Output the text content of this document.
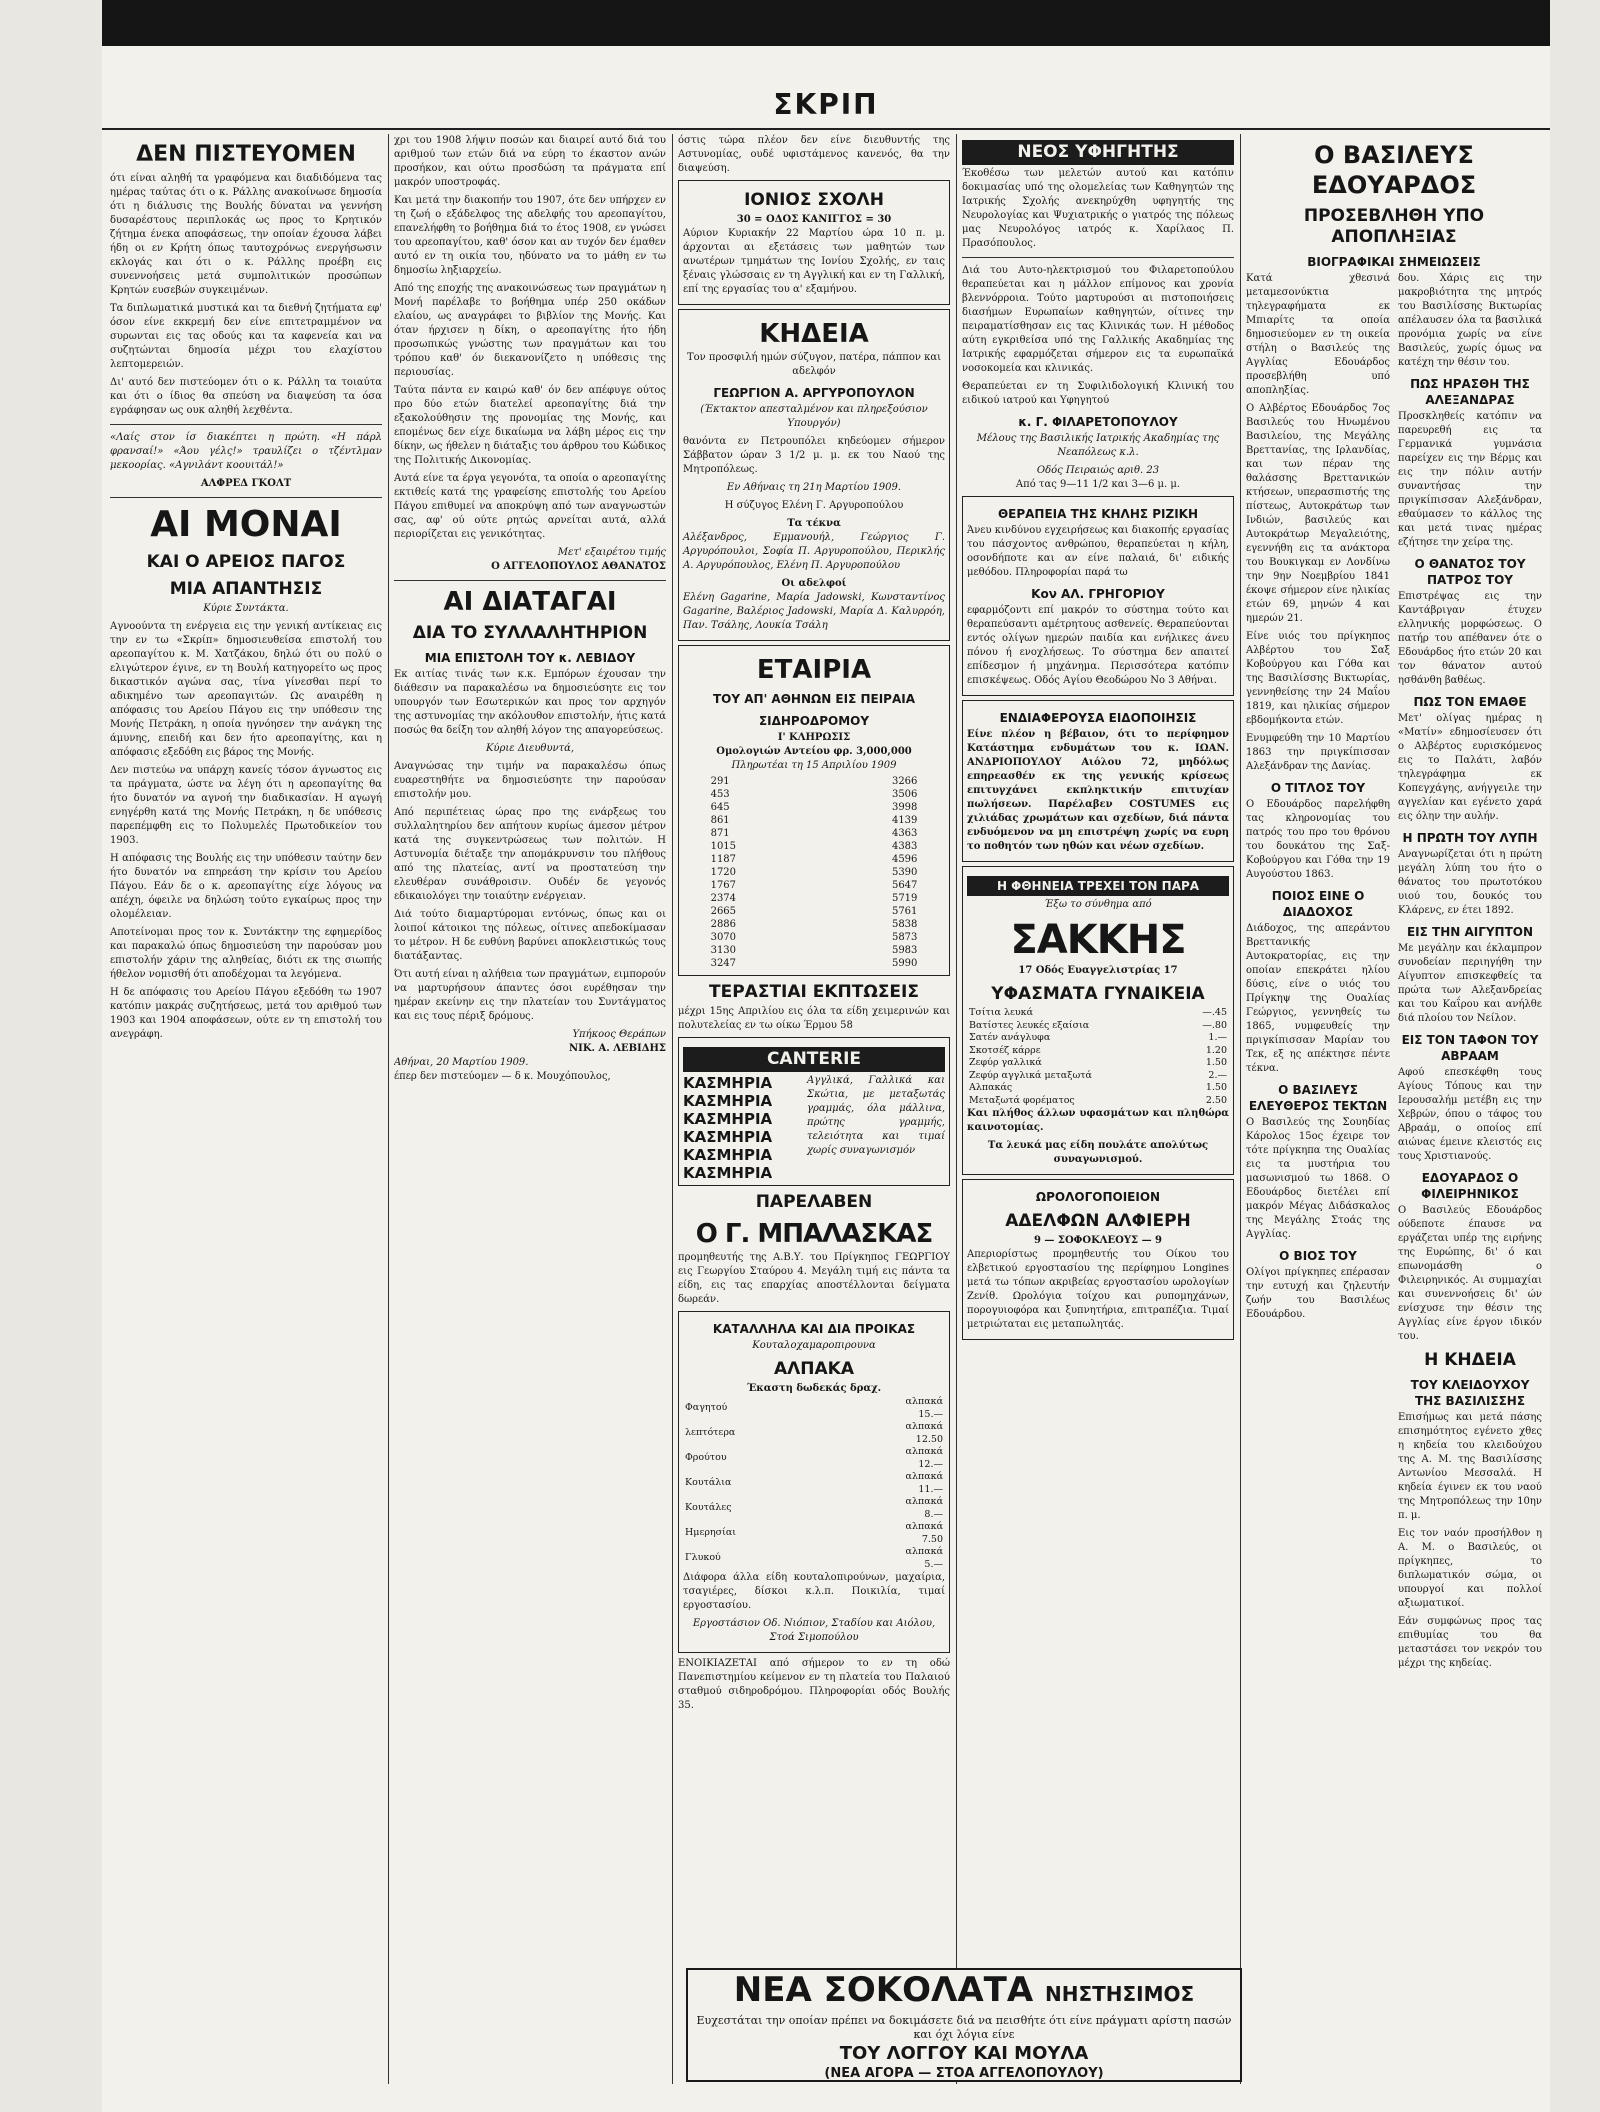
ΣΚΡΙΠ
ΔΕΝ ΠΙΣΤΕΥΟΜΕΝ

ότι είναι αληθή τα γραφόμενα και διαδιδόμενα τας ημέρας ταύτας ότι ο κ. Ράλλης ανακοίνωσε δημοσία ότι η διάλυσις της Βουλής δύναται να γεννήση δυσαρέστους περιπλοκάς ως προς το Κρητικόν ζήτημα ένεκα αποφάσεως, την οποίαν έχουσα λάβει ήδη οι εν Κρήτη όπως ταυτοχρόνως ενεργήσωσιν εκλογάς και ότι ο κ. Ράλλης προέβη εις συνεννοήσεις μετά συμπολιτικών προσώπων Κρητών ευσεβών συγκειμένων.

Τα διπλωματικά μυστικά και τα διεθνή ζητήματα εφ' όσον είνε εκκρεμή δεν είνε επιτετραμμένον να συρωνται εις τας οδούς και τα καφενεία και να συζητώνται δημοσία μέχρι του ελαχίστου λεπτομερειών.

Δι' αυτό δεν πιστεύομεν ότι ο κ. Ράλλη τα τοιαύτα και ότι ο ίδιος θα σπεύση να διαψεύση τα όσα εγράφησαν ως ουκ αληθή λεχθέντα.

«Λαίς στον ίσ διακέπτει η πρώτη. «Η πάρλ φρανσαί!» «Άου γέλς!» τραυλίζει ο τζέντλμαν μεκοορίας. «Αγνιλάντ κοουιτάλ!»

ΑΛΦΡΕΔ ΓΚΟΛΤ
ΑΙ ΜΟΝΑΙ
ΚΑΙ Ο ΑΡΕΙΟΣ ΠΑΓΟΣ
ΜΙΑ ΑΠΑΝΤΗΣΙΣ

Κύριε Συντάκτα.

Αγνοούντα τη ενέργεια εις την γενική αντίκειας εις την εν τω «Σκρίπ» δημοσιευθείσα επιστολή του αρεοπαγίτου κ. Μ. Χατζάκου, δηλώ ότι ου πολύ ο ελιγώτερον έγινε, εν τη Βουλή κατηγορείτο ως προς δικαστικόν αγώνα σας, τίνα γίνεσθαι περί το αδικημένο των αρεοπαγιτών. Ως αναιρέθη η απόφασις του Αρείου Πάγου εις την υπόθεσιν της Μονής Πετράκη, η οποία ηγνόησεν την ανάγκη της άμυνης, επειδή και δεν ήτο αρεοπαγίτης, και η απόφασις εξεδόθη εις βάρος της Μονής.

Δεν πιστεύω να υπάρχη κανείς τόσον άγνωστος εις τα πράγματα, ώστε να λέγη ότι η αρεοπαγίτης θα ήτο δυνατόν να αγνοή την διαδικασίαν. Η αγωγή ενηγέρθη κατά της Μονής Πετράκη, η δε υπόθεσις παρεπέμφθη εις το Πολυμελές Πρωτοδικείον του 1903.

Η απόφασις της Βουλής εις την υπόθεσιν ταύτην δεν ήτο δυνατόν να επηρεάση την κρίσιν του Αρείου Πάγου. Εάν δε ο κ. αρεοπαγίτης είχε λόγους να απέχη, όφειλε να δηλώση τούτο εγκαίρως προς την ολομέλειαν.

Αποτείνομαι προς τον κ. Συντάκτην της εφημερίδος και παρακαλώ όπως δημοσιεύση την παρούσαν μου επιστολήν χάριν της αληθείας, διότι εκ της σιωπής ήθελον νομισθή ότι αποδέχομαι τα λεγόμενα.

Η δε απόφασις του Αρείου Πάγου εξεδόθη τω 1907 κατόπιν μακράς συζητήσεως, μετά του αριθμού των 1903 και 1904 αποφάσεων, ούτε εν τη επιστολή του ανεγράφη.

χρι του 1908 λήψιν ποσών και διαιρεί αυτό διά του αριθμού των ετών διά να εύρη το έκαστον ανών προσήκον, και ούτω προσδώση τα πράγματα επί μακρόν υποστροφάς.

Και μετά την διακοπήν του 1907, ότε δεν υπήρχεν εν τη ζωή ο εξάδελφος της αδελφής του αρεοπαγίτου, επανελήφθη το βοήθημα διά το έτος 1908, εν γνώσει του αρεοπαγίτου, καθ' όσον και αν τυχόν δεν έμαθεν αυτό εν τη οικία του, ηδύνατο να το μάθη εν τω δημοσίω ληξιαρχείω.

Από της εποχής της ανακοινώσεως των πραγμάτων η Μονή παρέλαβε το βοήθημα υπέρ 250 οκάδων ελαίου, ως αναγράφει το βιβλίον της Μονής. Και όταν ήρχισεν η δίκη, ο αρεοπαγίτης ήτο ήδη προσωπικώς γνώστης των πραγμάτων και του τρόπου καθ' όν διεκανονίζετο η υπόθεσις της περιουσίας.

Ταύτα πάντα εν καιρώ καθ' όν δεν απέφυγε ούτος προ δύο ετών διατελεί αρεοπαγίτης διά την εξακολούθησιν της προνομίας της Μονής, και επομένως δεν είχε δικαίωμα να λάβη μέρος εις την δίκην, ως ήθελεν η διάταξις του άρθρου του Κώδικος της Πολιτικής Δικονομίας.

Αυτά είνε τα έργα γεγονότα, τα οποία ο αρεοπαγίτης εκτιθείς κατά της γραφείσης επιστολής του Αρείου Πάγου επιθυμεί να αποκρύψη από των αναγνωστών σας, αφ' ού ούτε ρητώς αρνείται αυτά, αλλά περιορίζεται εις γενικότητας.

Μετ' εξαιρέτου τιμής
Ο ΑΓΓΕΛΟΠΟΥΛΟΣ ΑΘΑΝΑΤΟΣ
ΑΙ ΔΙΑΤΑΓΑΙ
ΔΙΑ ΤΟ ΣΥΛΛΑΛΗΤΗΡΙΟΝ
ΜΙΑ ΕΠΙΣΤΟΛΗ ΤΟΥ κ. ΛΕΒΙΔΟΥ

Εκ αιτίας τινάς των κ.κ. Εμπόρων έχουσαν την διάθεσιν να παρακαλέσω να δημοσιεύσητε εις τον υπουργόν των Εσωτερικών και προς τον αρχηγόν της αστυνομίας την ακόλουθον επιστολήν, ήτις κατά ποσώς θα δείξη τον αληθή λόγον της απαγορεύσεως.

Κύριε Διευθυντά,

Αναγνώσας την τιμήν να παρακαλέσω όπως ευαρεστηθήτε να δημοσιεύσητε την παρούσαν επιστολήν μου.

Από περιπέτειας ώρας προ της ενάρξεως του συλλαλητηρίου δεν απήτουν κυρίως άμεσον μέτρον κατά της συγκεντρώσεως των πολιτών. Η Αστυνομία διέταξε την απομάκρυνσιν του πλήθους από της πλατείας, αντί να προστατεύση την ελευθέραν συνάθροισιν. Ουδέν δε γεγονός εδικαιολόγει την τοιαύτην ενέργειαν.

Διά τούτο διαμαρτύρομαι εντόνως, όπως και οι λοιποί κάτοικοι της πόλεως, οίτινες απεδοκίμασαν το μέτρον. Η δε ευθύνη βαρύνει αποκλειστικώς τους διατάξαντας.

Ότι αυτή είναι η αλήθεια των πραγμάτων, ειμπορούν να μαρτυρήσουν άπαντες όσοι ευρέθησαν την ημέραν εκείνην εις την πλατείαν του Συντάγματος και εις τους πέριξ δρόμους.

Υπήκοος Θεράπων
NIK. A. ΛΕΒΙΔΗΣ
Αθήναι, 20 Μαρτίου 1909.

έπερ δεν πιστεύομεν — δ κ. Μουχόπουλος,

όστις τώρα πλέον δεν είνε διευθυντής της Αστυνομίας, ουδέ υφιστάμενος κανενός, θα την διαψεύση.

ΙΟΝΙΟΣ ΣΧΟΛΗ
30 = ΟΔΟΣ ΚΑΝΙΓΓΟΣ = 30

Αύριον Κυριακήν 22 Μαρτίου ώρα 10 π. μ. άρχονται αι εξετάσεις των μαθητών των ανωτέρων τμημάτων της Ιονίου Σχολής, εν ταις ξέναις γλώσσαις εν τη Αγγλική και εν τη Γαλλική, επί της εργασίας του α' εξαμήνου.

ΚΗΔΕΙΑ

Τον προσφιλή ημών σύζυγον, πατέρα, πάππον και αδελφόν

ΓΕΩΡΓΙΟΝ Α. ΑΡΓΥΡΟΠΟΥΛΟΝ

(Έκτακτον απεσταλμένον και πληρεξούσιον Υπουργόν)

θανόντα εν Πετρουπόλει κηδεύομεν σήμερον Σάββατον ώραν 3 1/2 μ. μ. εκ του Ναού της Μητροπόλεως.

Εν Αθήναις τη 21η Μαρτίου 1909.

Η σύζυγος Ελένη Γ. Αργυροπούλου

Τα τέκνα

Αλέξανδρος, Εμμανουήλ, Γεώργιος Γ. Αργυρόπουλοι, Σοφία Π. Αργυροπούλου, Περικλής Α. Αργυρόπουλος, Ελένη Π. Αργυροπούλου

Οι αδελφοί

Ελένη Gagarine, Μαρία Jadowski, Κωνσταντίνος Gagarine, Βαλέριος Jadowski, Μαρία Δ. Καλυρρόη, Παν. Τσάλης, Λουκία Τσάλη

ΕΤΑΙΡΙΑ
ΤΟΥ ΑΠ' ΑΘΗΝΩΝ ΕΙΣ ΠΕΙΡΑΙΑ
ΣΙΔΗΡΟΔΡΟΜΟΥ
Ι' ΚΛΗΡΩΣΙΣ
Ομολογιών Αντείου φρ. 3,000,000
Πληρωτέαι τη 15 Απριλίου 1909
291	3266
453	3506
645	3998
861	4139
871	4363
1015	4383
1187	4596
1720	5390
1767	5647
2374	5719
2665	5761
2886	5838
3070	5873
3130	5983
3247	5990
ΤΕΡΑΣΤΙΑΙ ΕΚΠΤΩΣΕΙΣ

μέχρι 15ης Απριλίου εις όλα τα είδη χειμερινών και πολυτελείας εν τω οίκω Έρμου 58

CANTERIE
ΚΑΣΜΗΡΙΑ
ΚΑΣΜΗΡΙΑ
ΚΑΣΜΗΡΙΑ
ΚΑΣΜΗΡΙΑ
ΚΑΣΜΗΡΙΑ
ΚΑΣΜΗΡΙΑ
Αγγλικά, Γαλλικά και Σκώτια, με μεταξωτάς γραμμάς, όλα μάλλινα, πρώτης γραμμής, τελειότητα και τιμαί χωρίς συναγωνισμόν
ΠΑΡΕΛΑΒΕΝ
Ο Γ. ΜΠΑΛΑΣΚΑΣ

προμηθευτής της Α.Β.Υ. του Πρίγκηπος ΓΕΩΡΓΙΟΥ εις Γεωργίου Σταύρου 4. Μεγάλη τιμή εις πάντα τα είδη, εις τας επαρχίας αποστέλλονται δείγματα δωρεάν.

ΚΑΤΑΛΛΗΛΑ ΚΑΙ ΔΙΑ ΠΡΟΙΚΑΣ
Κουταλοχαμαροπιρουνα
ΑΛΠΑΚΑ
Έκαστη δωδεκάς δραχ.
Φαγητού	αλπακά 15.—
λεπτότερα	αλπακά 12.50
Φρούτου	αλπακά 12.—
Κουτάλια	αλπακά 11.—
Κουτάλες	αλπακά 8.—
Ημερησίαι	αλπακά 7.50
Γλυκού	αλπακά 5.—

Διάφορα άλλα είδη κουταλοπιρούνων, μαχαίρια, τσαγιέρες, δίσκοι κ.λ.π. Ποικιλία, τιμαί εργοστασίου.

Εργοστάσιον Οδ. Νιόπιον, Σταδίου και Αιόλου, Στοά Σιμοπούλου

ΕΝΟΙΚΙΑΖΕΤΑΙ από σήμερον το εν τη οδώ Πανεπιστημίου κείμενον εν τη πλατεία του Παλαιού σταθμού σιδηροδρόμου. Πληροφορίαι οδός Βουλής 35.

ΝΕΟΣ ΥΦΗΓΗΤΗΣ

Έκοθέσω των μελετών αυτού και κατόπιν δοκιμασίας υπό της ολομελείας των Καθηγητών της Ιατρικής Σχολής ανεκηρύχθη υφηγητής της Νευρολογίας και Ψυχιατρικής ο γιατρός της πόλεως μας Νευρολόγος ιατρός κ. Χαρίλαος Π. Πρασόπουλος.

Διά του Αυτο-ηλεκτρισμού του Φιλαρετοπούλου θεραπεύεται και η μάλλον επίμονος και χρονία βλεννόρροια. Τούτο μαρτυρούσι αι πιστοποιήσεις διασήμων Ευρωπαίων καθηγητών, οίτινες την πειραματίσθησαν εις τας Κλινικάς των. Η μέθοδος αύτη εγκριθείσα υπό της Γαλλικής Ακαδημίας της Ιατρικής εφαρμόζεται σήμερον εις τα ευρωπαϊκά νοσοκομεία και κλινικάς.

Θεραπεύεται εν τη Συφιλιδολογική Κλινική του ειδικού ιατρού και Υφηγητού

κ. Γ. ΦΙΛΑΡΕΤΟΠΟΥΛΟΥ

Μέλους της Βασιλικής Ιατρικής Ακαδημίας της Νεαπόλεως κ.λ.

Οδός Πειραιώς αριθ. 23
Από τας 9—11 1/2 και 3—6 μ. μ.
ΘΕΡΑΠΕΙΑ ΤΗΣ ΚΗΛΗΣ ΡΙΖΙΚΗ

Άνευ κινδύνου εγχειρήσεως και διακοπής εργασίας του πάσχοντος ανθρώπου, θεραπεύεται η κήλη, οσονδήποτε και αν είνε παλαιά, δι' ειδικής μεθόδου. Πληροφορίαι παρά τω

Κον ΑΛ. ΓΡΗΓΟΡΙΟΥ

εφαρμόζοντι επί μακρόν το σύστημα τούτο και θεραπεύσαντι αμέτρητους ασθενείς. Θεραπεύονται εντός ολίγων ημερών παιδία και ενήλικες άνευ πόνου ή ενοχλήσεως. Το σύστημα δεν απαιτεί επίδεσμον ή μηχάνημα. Περισσότερα κατόπιν επισκέψεως. Οδός Αγίου Θεοδώρου Νο 3 Αθήναι.

ΕΝΔΙΑΦΕΡΟΥΣΑ ΕΙΔΟΠΟΙΗΣΙΣ

Είνε πλέον η βέβαιον, ότι το περίφημον Κατάστημα ενδυμάτων του κ. ΙΩΑΝ. ΑΝΔΡΙΟΠΟΥΛΟΥ Αιόλου 72, μηδόλως επηρεασθέν εκ της γενικής κρίσεως επιτυγχάνει εκπληκτικήν επιτυχίαν πωλήσεων. Παρέλαβεν COSTUMES εις χιλιάδας χρωμάτων και σχεδίων, διά πάντα ενδυόμενον να μη επιστρέψη χωρίς να ευρη το ποθητόν των ηθών και νέων σχεδίων.

Η ΦΘΗΝΕΙΑ ΤΡΕΧΕΙ ΤΟΝ ΠΑΡΑ
Έξω το σύνθημα από
ΣΑΚΚΗΣ
17 Οδός Ευαγγελιστρίας 17
ΥΦΑΣΜΑΤΑ ΓΥΝΑΙΚΕΙΑ
Τσίτια λευκά	—.45
Βατίστες λευκές εξαίσια	—.80
Σατέν ανάγλυφα	1.—
Σκοτσέζ κάρρε	1.20
Ζεφύρ γαλλικά	1.50
Ζεφύρ αγγλικά μεταξωτά	2.—
Αλπακάς	1.50
Μεταξωτά φορέματος	2.50

Και πλήθος άλλων υφασμάτων και πληθώρα καινοτομίας.

Τα λευκά μας είδη πουλάτε απολύτως συναγωνισμού.

ΩΡΟΛΟΓΟΠΟΙΕΙΟΝ
ΑΔΕΛΦΩΝ ΑΛΦΙΕΡΗ
9 — ΣΟΦΟΚΛΕΟΥΣ — 9

Απεριορίστως προμηθευτής του Οίκου του ελβετικού εργοστασίου της περίφημου Longines μετά τω τόπων ακριβείας εργοστασίου ωρολογίων Ζενίθ. Ωρολόγια τοίχου και ρυπομηχάνων, πορογυιοφόρα και ξυπνητήρια, επιτραπέζια. Τιμαί μετριώταται εις μεταπωλητάς.

Ο ΒΑΣΙΛΕΥΣ ΕΔΟΥΑΡΔΟΣ
ΠΡΟΣΕΒΛΗΘΗ ΥΠΟ ΑΠΟΠΛΗΞΙΑΣ
ΒΙΟΓΡΑΦΙΚΑΙ ΣΗΜΕΙΩΣΕΙΣ

Κατά χθεσινά μεταμεσονύκτια τηλεγραφήματα εκ Μπιαρίτς τα οποία δημοσιεύομεν εν τη οικεία στήλη ο Βασιλεύς της Αγγλίας Εδουάρδος προσεβλήθη υπό αποπληξίας.

Ο Αλβέρτος Εδουάρδος 7ος Βασιλεύς του Ηνωμένου Βασιλείου, της Μεγάλης Βρεττανίας, της Ιρλανδίας, και των πέραν της θαλάσσης Βρεττανικών κτήσεων, υπερασπιστής της πίστεως, Αυτοκράτωρ των Ινδιών, βασιλεύς και Αυτοκράτωρ Μεγαλειότης, εγεννήθη εις τα ανάκτορα του Βουκιγκαμ εν Λονδίνω την 9ην Νοεμβρίου 1841 έκοψε σήμερον είνε ηλικίας ετών 69, μηνών 4 και ημερών 21.

Είνε υιός του πρίγκηπος Αλβέρτου του Σαξ Κοβούργου και Γόθα και της Βασιλίσσης Βικτωρίας, γεννηθείσης την 24 Μαΐου 1819, και ηλικίας σήμερον εβδομήκοντα ετών.

Ενυμφεύθη την 10 Μαρτίου 1863 την πριγκίπισσαν Αλεξάνδραν της Δανίας.

Ο ΤΙΤΛΟΣ ΤΟΥ

Ο Εδουάρδος παρελήφθη τας κληρονομίας του πατρός του προ του θρόνου του δουκάτου της Σαξ-Κοβούργου και Γόθα την 19 Αυγούστου 1863.

ΠΟΙΟΣ ΕΙΝΕ Ο ΔΙΑΔΟΧΟΣ

Διάδοχος, της απεράντου Βρεττανικής Αυτοκρατορίας, εις την οποίαν επεκράτει ηλίου δύσις, είνε ο υιός του Πρίγκηψ της Ουαλίας Γεώργιος, γεννηθείς τω 1865, νυμφευθείς την πριγκίπισσαν Μαρίαν του Τεκ, εξ ης απέκτησε πέντε τέκνα.

Ο ΒΑΣΙΛΕΥΣ ΕΛΕΥΘΕΡΟΣ ΤΕΚΤΩΝ

Ο Βασιλεύς της Σουηδίας Κάρολος 15ος έχειρε τον τότε πρίγκηπα της Ουαλίας εις τα μυστήρια του μασωνισμού τω 1868. Ο Εδουάρδος διετέλει επί μακρόν Μέγας Διδάσκαλος της Μεγάλης Στοάς της Αγγλίας.

Ο ΒΙΟΣ ΤΟΥ

Ολίγοι πρίγκηπες επέρασαν την ευτυχή και ζηλευτήν ζωήν του Βασιλέως Εδουάρδου.

δου. Χάρις εις την μακροβιότητα της μητρός του Βασιλίσσης Βικτωρίας απέλαυσεν όλα τα βασιλικά προνόμια χωρίς να είνε Βασιλεύς, χωρίς όμως να κατέχη την θέσιν του.

ΠΩΣ ΗΡΑΣΘΗ ΤΗΣ ΑΛΕΞΑΝΔΡΑΣ

Προσκληθείς κατόπιν να παρευρεθή εις τα Γερμανικά γυμνάσια παρείχεν εις την Βέρμς και εις την πόλιν αυτήν συναντήσας την πριγκίπισσαν Αλεξάνδραν, εθαύμασεν το κάλλος της και μετά τινας ημέρας εζήτησε την χείρα της.

Ο ΘΑΝΑΤΟΣ ΤΟΥ ΠΑΤΡΟΣ ΤΟΥ

Επιστρέψας εις την Καντάβριγαν έτυχεν ελληνικής μορφώσεως. Ο πατήρ του απέθανεν ότε ο Εδουάρδος ήτο ετών 20 και τον θάνατον αυτού ησθάνθη βαθέως.

ΠΩΣ ΤΟΝ ΕΜΑΘΕ

Μετ' ολίγας ημέρας η «Ματίν» εδημοσίευσεν ότι ο Αλβέρτος ευρισκόμενος εις το Παλάτι, λαβόν τηλεγράφημα εκ Κοπεγχάγης, ανήγγειλε την αγγελίαν και εγένετο χαρά εις όλην την αυλήν.

Η ΠΡΩΤΗ ΤΟΥ ΛΥΠΗ

Αναγνωρίζεται ότι η πρώτη μεγάλη λύπη του ήτο ο θάνατος του πρωτοτόκου υιού του, δουκός του Κλάρενς, εν έτει 1892.

ΕΙΣ ΤΗΝ ΑΙΓΥΠΤΟΝ

Με μεγάλην και έκλαμπρον συνοδείαν περιηγήθη την Αίγυπτον επισκεφθείς τα πρώτα των Αλεξανδρείας και του Καΐρου και ανήλθε διά πλοίου τον Νείλον.

ΕΙΣ ΤΟΝ ΤΑΦΟΝ ΤΟΥ ΑΒΡΑΑΜ

Αφού επεσκέφθη τους Αγίους Τόπους και την Ιερουσαλήμ μετέβη εις την Χεβρών, όπου ο τάφος του Αβραάμ, ο οποίος επί αιώνας έμεινε κλειστός εις τους Χριστιανούς.

ΕΔΟΥΑΡΔΟΣ Ο ΦΙΛΕΙΡΗΝΙΚΟΣ

Ο Βασιλεύς Εδουάρδος ούδεποτε έπαυσε να εργάζεται υπέρ της ειρήνης της Ευρώπης, δι' ό και επωνομάσθη ο Φιλειρηνικός. Αι συμμαχίαι και συνεννοήσεις δι' ών ενίσχυσε την θέσιν της Αγγλίας είνε έργον ιδικόν του.

Η ΚΗΔΕΙΑ
ΤΟΥ ΚΛΕΙΔΟΥΧΟΥ ΤΗΣ ΒΑΣΙΛΙΣΣΗΣ

Επισήμως και μετά πάσης επισημότητος εγένετο χθες η κηδεία του κλειδούχου της Α. Μ. της Βασιλίσσης Αντωνίου Μεσσαλά. Η κηδεία έγινεν εκ του ναού της Μητροπόλεως την 10ην π. μ.

Εις τον ναόν προσήλθον η Α. Μ. ο Βασιλεύς, οι πρίγκηπες, το διπλωματικόν σώμα, οι υπουργοί και πολλοί αξιωματικοί.

Εάν συμφώνως προς τας επιθυμίας του θα μεταστάσει τον νεκρόν του μέχρι της κηδείας.

ΝΕΑ ΣΟΚΟΛΑΤΑ ΝΗΣΤΗΣΙΜΟΣ
Ευχεστάται την οποίαν πρέπει να δοκιμάσετε διά να πεισθήτε ότι είνε πράγματι αρίστη πασών και όχι λόγια είνε
ΤΟΥ ΛΟΓΓΟΥ ΚΑΙ ΜΟΥΛΑ
(ΝΕΑ ΑΓΟΡΑ — ΣΤΟΑ ΑΓΓΕΛΟΠΟΥΛΟΥ)
